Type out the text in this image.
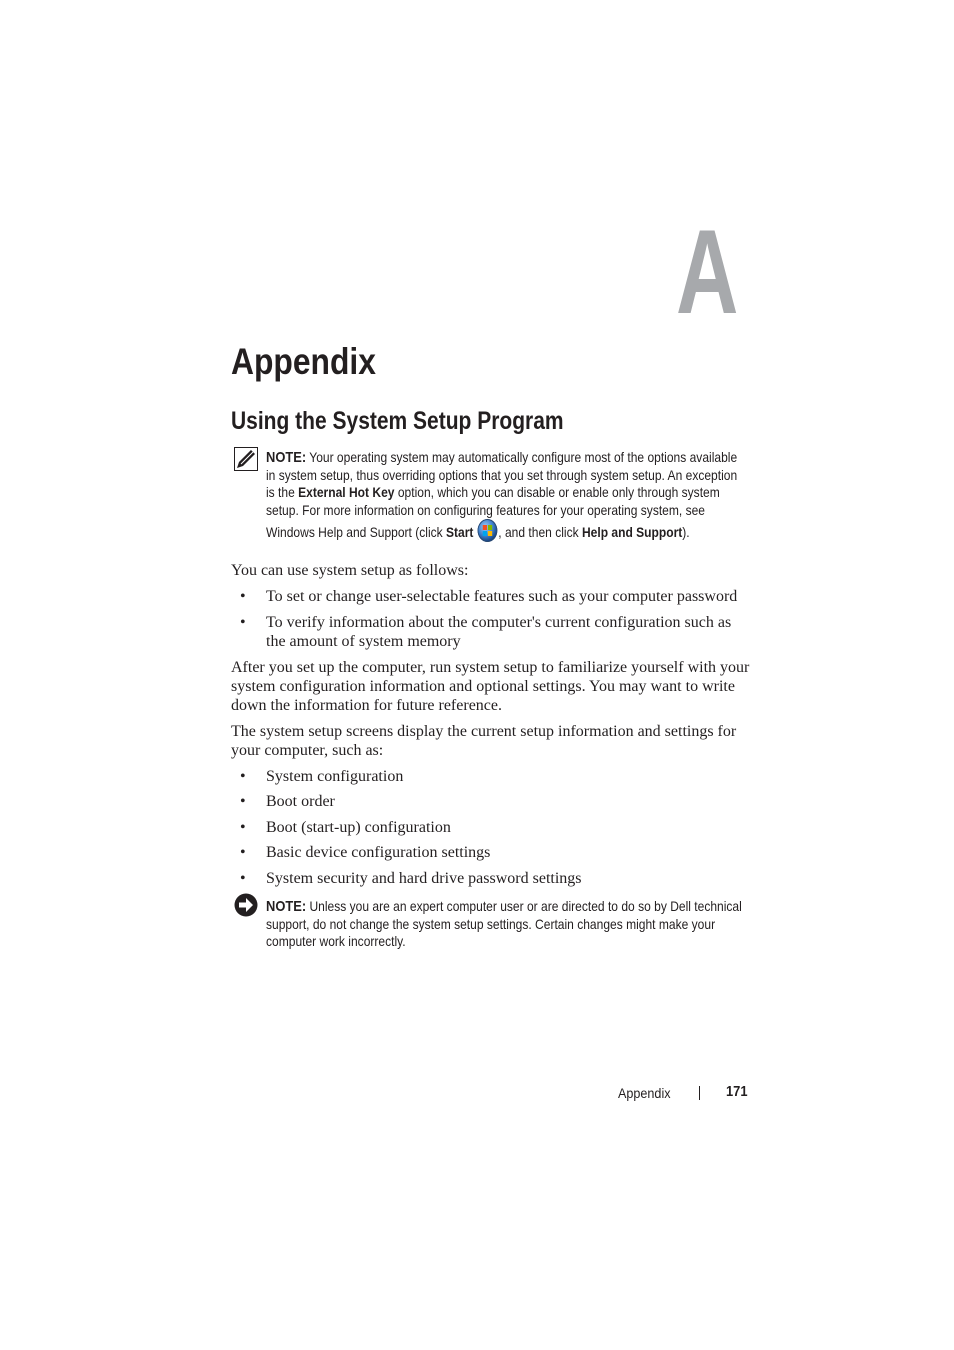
A
Appendix
Using the System Setup Program
NOTE: Your operating system may automatically configure most of the options available in system setup, thus overriding options that you set through system setup. An exception is the External Hot Key option, which you can disable or enable only through system setup. For more information on configuring features for your operating system, see Windows Help and Support (click Start , and then click Help and Support).

You can use system setup as follows:

• To set or change user-selectable features such as your computer password
• To verify information about the computer's current configuration such as the amount of system memory

After you set up the computer, run system setup to familiarize yourself with your system configuration information and optional settings. You may want to write down the information for future reference.

The system setup screens display the current setup information and settings for your computer, such as:

• System configuration
• Boot order
• Boot (start-up) configuration
• Basic device configuration settings
• System security and hard drive password settings
NOTE: Unless you are an expert computer user or are directed to do so by Dell technical support, do not change the system setup settings. Certain changes might make your computer work incorrectly.
Appendix	171
